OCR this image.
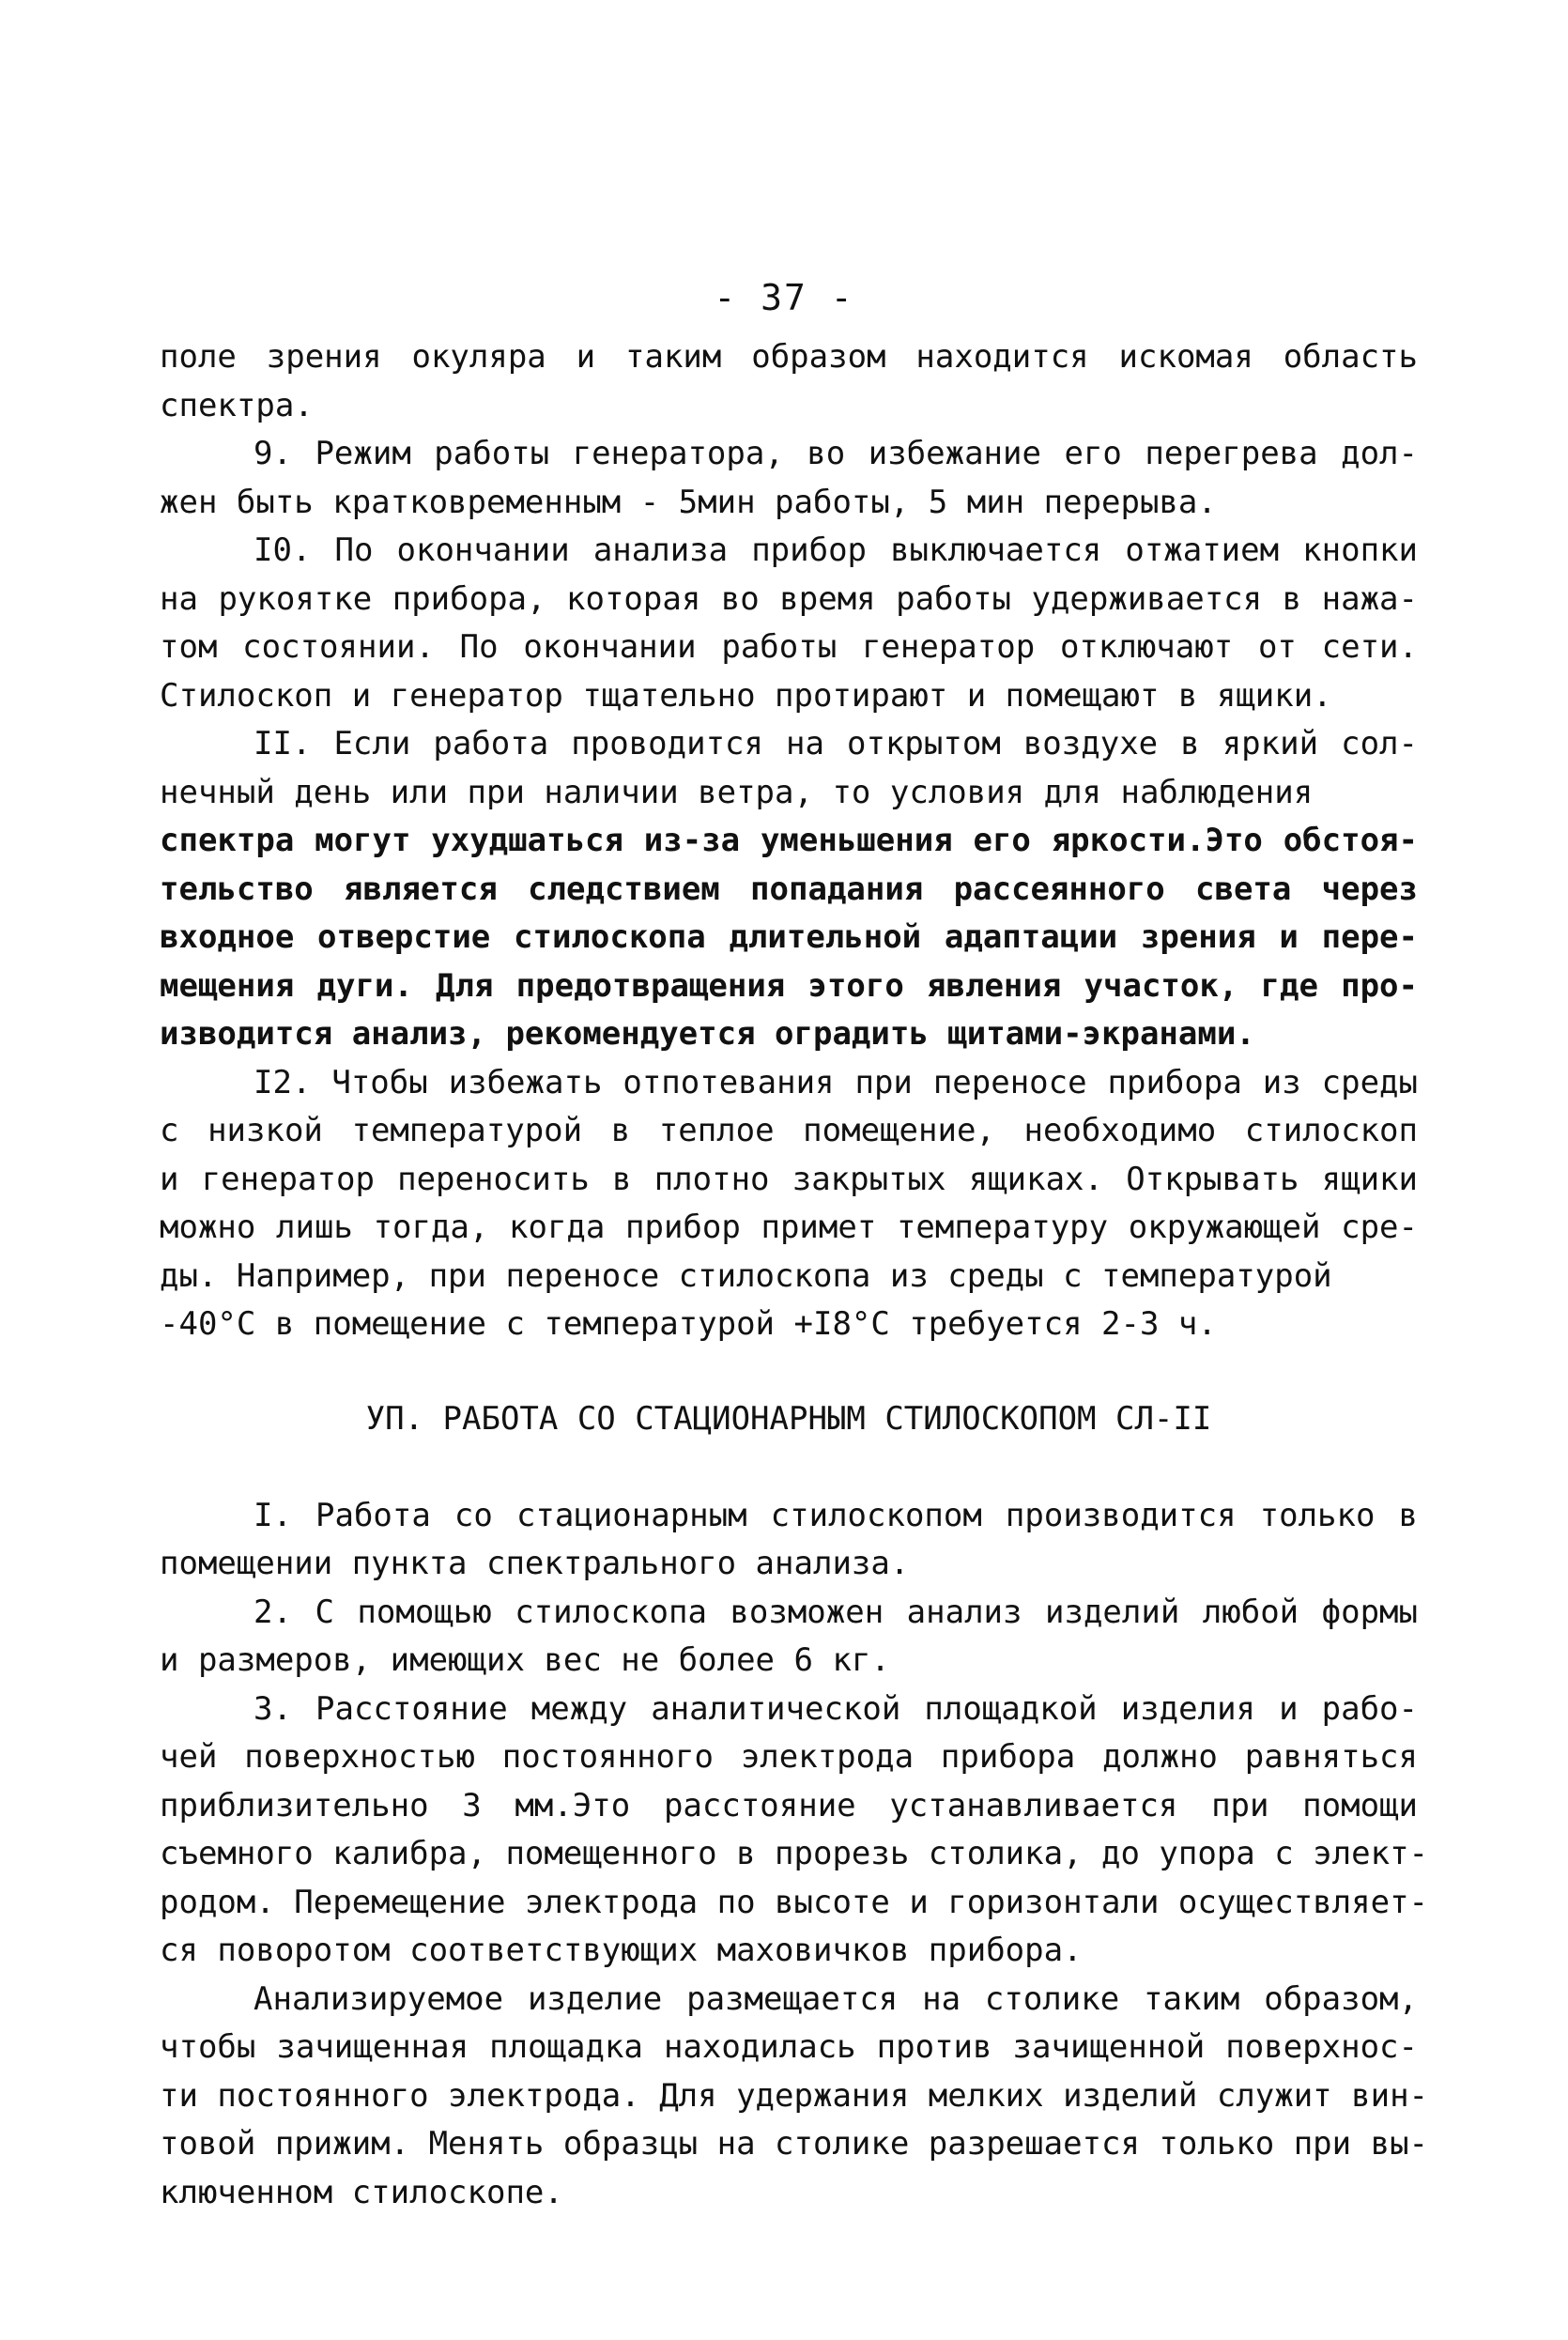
- 37 -
поле зрения окуляра и таким образом находится искомая область
спектра.
9. Режим работы генератора, во избежание его перегрева дол-
жен быть кратковременным - 5мин работы, 5 мин перерыва.
I0. По окончании анализа прибор выключается отжатием кнопки
на рукоятке прибора, которая во время работы удерживается в нажа-
том состоянии. По окончании работы генератор отключают от сети.
Стилоскоп и генератор тщательно протирают и помещают в ящики.
II. Если работа проводится на открытом воздухе в яркий сол-
нечный день или при наличии ветра, то условия для наблюдения
спектра могут ухудшаться из-за уменьшения его яркости.Это обстоя-
тельство является следствием попадания рассеянного света через
входное отверстие стилоскопа длительной адаптации зрения и пере-
мещения дуги. Для предотвращения этого явления участок, где про-
изводится анализ, рекомендуется оградить щитами-экранами.
I2. Чтобы избежать отпотевания при переносе прибора из среды
с низкой температурой в теплое помещение, необходимо стилоскоп
и генератор переносить в плотно закрытых ящиках. Открывать ящики
можно лишь тогда, когда прибор примет температуру окружающей сре-
ды. Например, при переносе стилоскопа из среды с температурой
-40°С в помещение с температурой +I8°С требуется 2-3 ч.
УП. РАБОТА СО СТАЦИОНАРНЫМ СТИЛОСКОПОМ СЛ-II
I. Работа со стационарным стилоскопом производится только в
помещении пункта спектрального анализа.
2. С помощью стилоскопа возможен анализ изделий любой формы
и размеров, имеющих вес не более 6 кг.
3. Расстояние между аналитической площадкой изделия и рабо-
чей поверхностью постоянного электрода прибора должно равняться
приблизительно 3 мм.Это расстояние устанавливается при помощи
съемного калибра, помещенного в прорезь столика, до упора с элект-
родом. Перемещение электрода по высоте и горизонтали осуществляет-
ся поворотом соответствующих маховичков прибора.
Анализируемое изделие размещается на столике таким образом,
чтобы зачищенная площадка находилась против зачищенной поверхнос-
ти постоянного электрода. Для удержания мелких изделий служит вин-
товой прижим. Менять образцы на столике разрешается только при вы-
ключенном стилоскопе.
